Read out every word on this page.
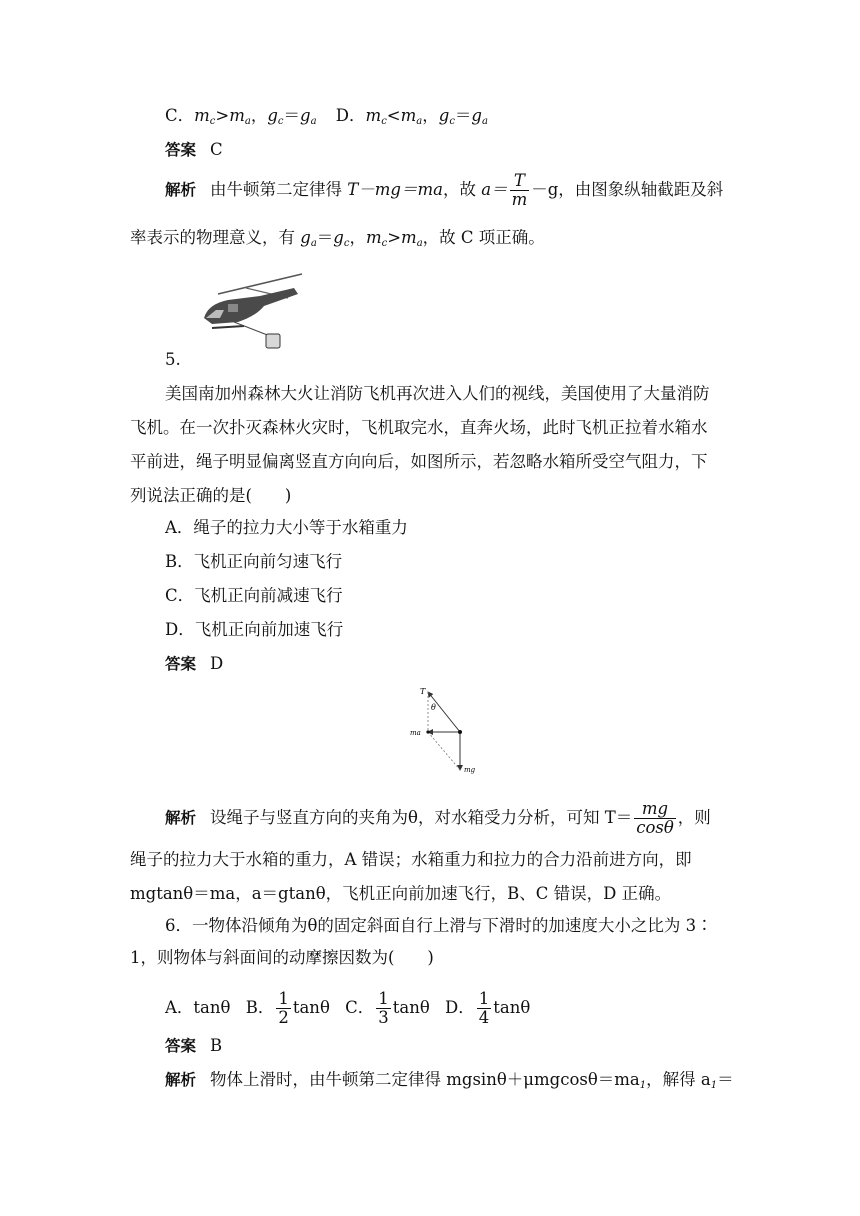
C．$m_c>m_a$，$g_c=g_a$ D．$m_c<m_a$，$g_c=g_a$
答案 C
解析 由牛顿第二定律得 T－mg＝ma，故 $a= \frac{T}{m} -g$，由图象纵轴截距及斜
率表示的物理意义，有 $g_a=g_c$，$m_c>m_a$，故 C 项正确。
5.
美国南加州森林大火让消防飞机再次进入人们的视线，美国使用了大量消防
飞机。在一次扑灭森林火灾时，飞机取完水，直奔火场，此时飞机正拉着水箱水
平前进，绳子明显偏离竖直方向向后，如图所示，若忽略水箱所受空气阻力，下
列说法正确的是(　　)
A．绳子的拉力大小等于水箱重力
B．飞机正向前匀速飞行
C．飞机正向前减速飞行
D．飞机正向前加速飞行
答案 D
T
θ
ma
mg
解析 设绳子与竖直方向的夹角为θ，对水箱受力分析，可知 $T= \frac{mg}{\cos\theta}$ ，则
绳子的拉力大于水箱的重力，A 错误；水箱重力和拉力的合力沿前进方向，即
mgtanθ＝ma，a＝gtanθ，飞机正向前加速飞行，B、C 错误，D 正确。
6．一物体沿倾角为θ的固定斜面自行上滑与下滑时的加速度大小之比为 3∶
1，则物体与斜面间的动摩擦因数为(　　)
A．tanθ B． $\frac{1}{2}$ tanθ C． $\frac{1}{3}$ tanθ D． $\frac{1}{4}$ tanθ
答案 B
解析 物体上滑时，由牛顿第二定律得 $mgsin\theta+\mu mgcos\theta=ma_1$，解得 $a_1=$
